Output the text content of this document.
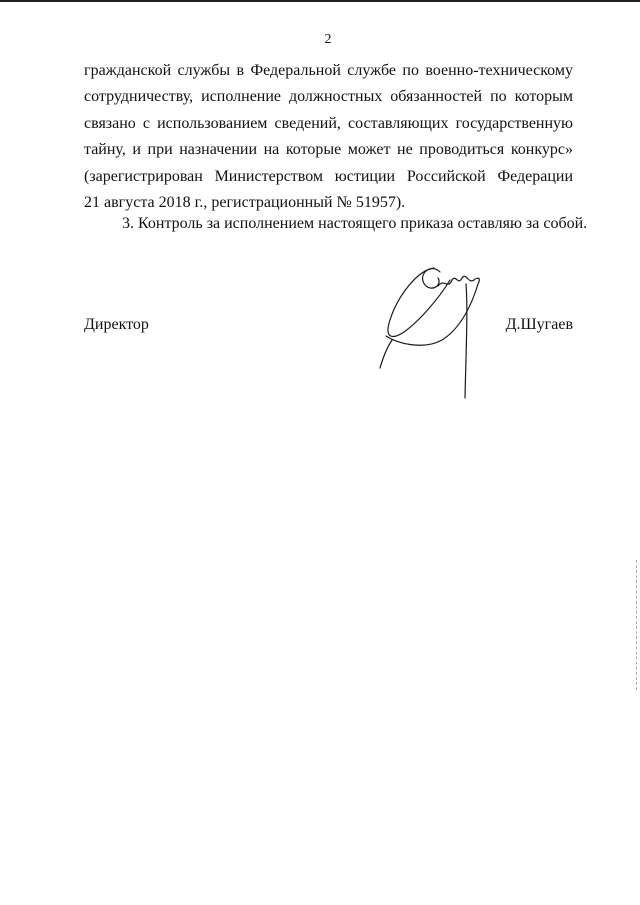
2
гражданской службы в Федеральной службе по военно-техническому
сотрудничеству, исполнение должностных обязанностей по которым
связано с использованием сведений, составляющих государственную
тайну, и при назначении на которые может не проводиться конкурс»
(зарегистрирован Министерством юстиции Российской Федерации
21 августа 2018 г., регистрационный № 51957).
3. Контроль за исполнением настоящего приказа оставляю за собой.
Директор	Д.Шугаев
